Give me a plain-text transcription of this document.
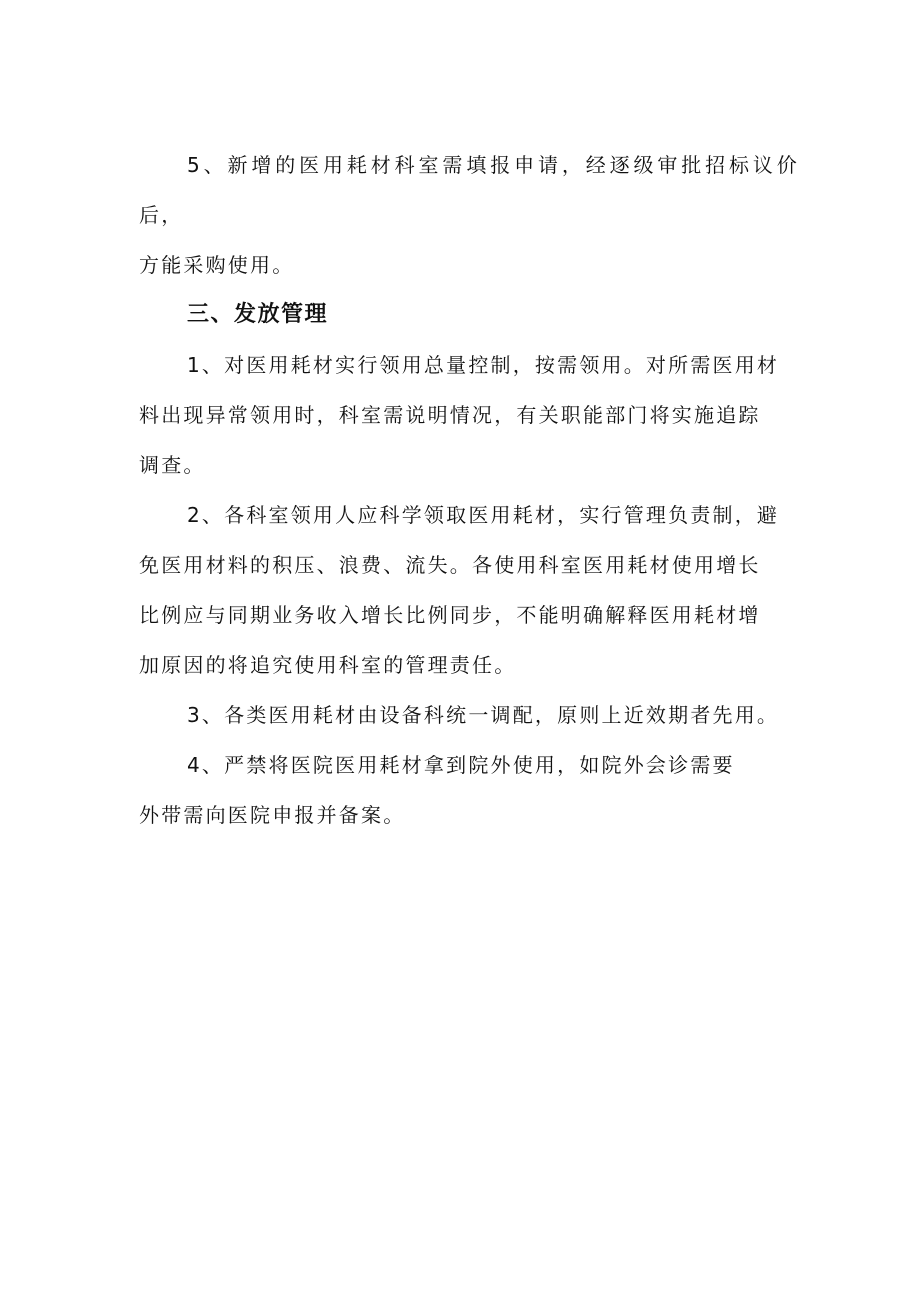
5、新增的医用耗材科室需填报申请，经逐级审批招标议价后，
方能采购使用。

三、发放管理

1、对医用耗材实行领用总量控制，按需领用。对所需医用材
料出现异常领用时，科室需说明情况，有关职能部门将实施追踪
调查。

2、各科室领用人应科学领取医用耗材，实行管理负责制，避
免医用材料的积压、浪费、流失。各使用科室医用耗材使用增长
比例应与同期业务收入增长比例同步，不能明确解释医用耗材增
加原因的将追究使用科室的管理责任。

3、各类医用耗材由设备科统一调配，原则上近效期者先用。

4、严禁将医院医用耗材拿到院外使用，如院外会诊需要
外带需向医院申报并备案。
